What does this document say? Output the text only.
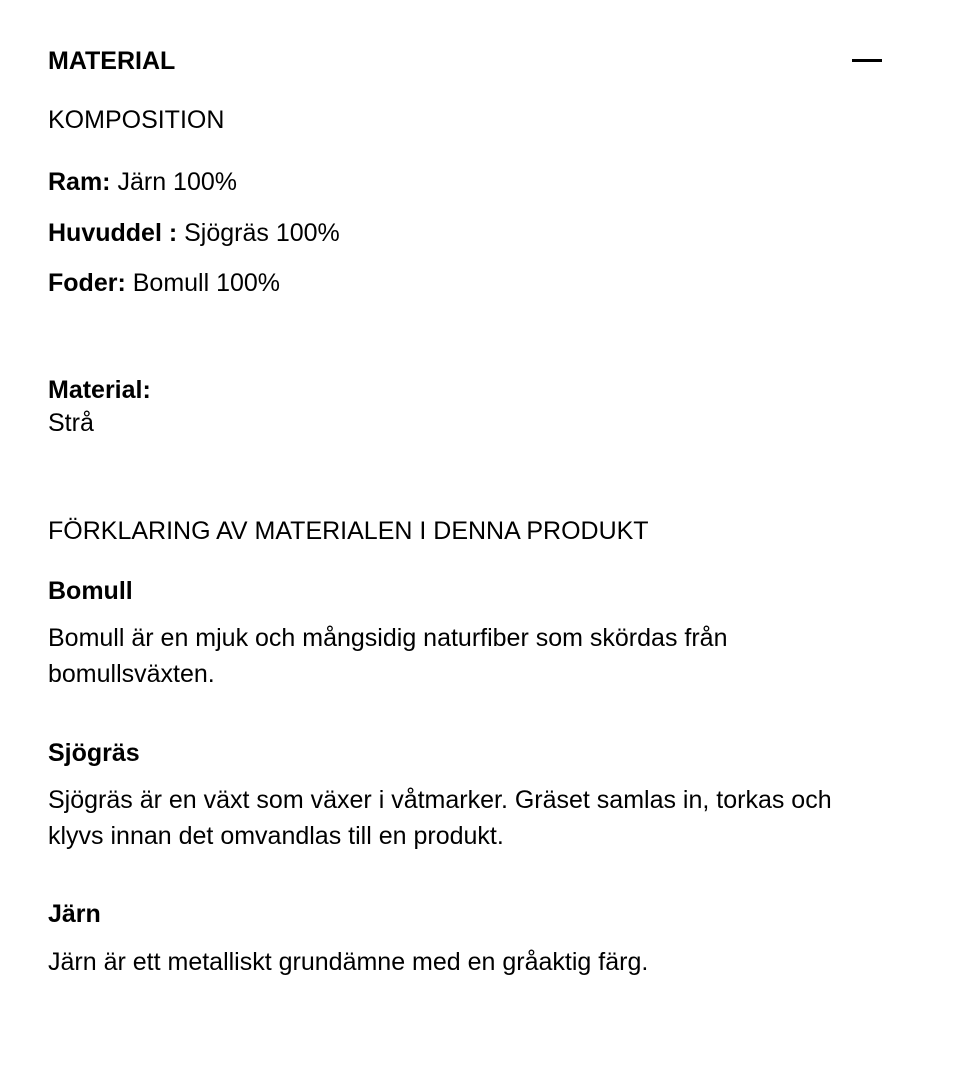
MATERIAL
KOMPOSITION
Ram: Järn 100%
Huvuddel : Sjögräs 100%
Foder: Bomull 100%
Material:
Strå
FÖRKLARING AV MATERIALEN I DENNA PRODUKT
Bomull
Bomull är en mjuk och mångsidig naturfiber som skördas från bomullsväxten.
Sjögräs
Sjögräs är en växt som växer i våtmarker. Gräset samlas in, torkas och klyvs innan det omvandlas till en produkt.
Järn
Järn är ett metalliskt grundämne med en gråaktig färg.
